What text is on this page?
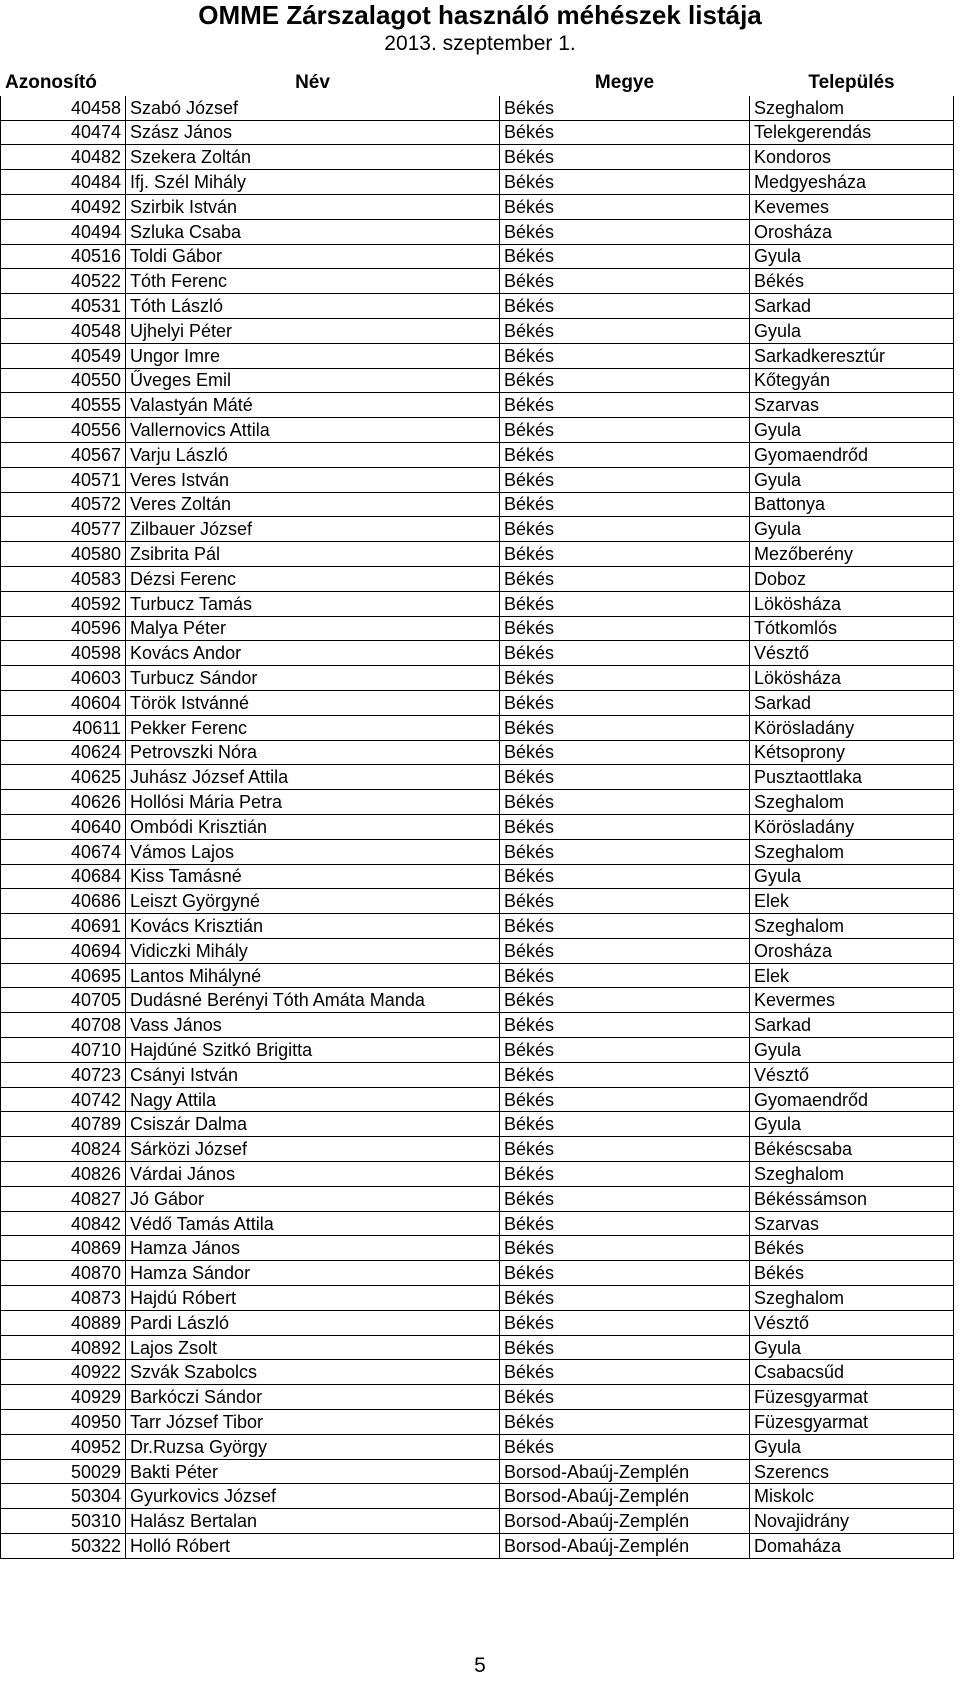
OMME Zárszalagot használó méhészek listája
2013. szeptember 1.
Azonosító	Név	Megye	Település
40458	Szabó József	Békés	Szeghalom
40474	Szász János	Békés	Telekgerendás
40482	Szekera Zoltán	Békés	Kondoros
40484	Ifj. Szél Mihály	Békés	Medgyesháza
40492	Szirbik István	Békés	Kevemes
40494	Szluka Csaba	Békés	Orosháza
40516	Toldi Gábor	Békés	Gyula
40522	Tóth Ferenc	Békés	Békés
40531	Tóth László	Békés	Sarkad
40548	Ujhelyi Péter	Békés	Gyula
40549	Ungor Imre	Békés	Sarkadkeresztúr
40550	Űveges Emil	Békés	Kőtegyán
40555	Valastyán Máté	Békés	Szarvas
40556	Vallernovics Attila	Békés	Gyula
40567	Varju László	Békés	Gyomaendrőd
40571	Veres István	Békés	Gyula
40572	Veres Zoltán	Békés	Battonya
40577	Zilbauer József	Békés	Gyula
40580	Zsibrita Pál	Békés	Mezőberény
40583	Dézsi Ferenc	Békés	Doboz
40592	Turbucz Tamás	Békés	Lökösháza
40596	Malya Péter	Békés	Tótkomlós
40598	Kovács Andor	Békés	Vésztő
40603	Turbucz Sándor	Békés	Lökösháza
40604	Török Istvánné	Békés	Sarkad
40611	Pekker Ferenc	Békés	Körösladány
40624	Petrovszki Nóra	Békés	Kétsoprony
40625	Juhász József Attila	Békés	Pusztaottlaka
40626	Hollósi Mária Petra	Békés	Szeghalom
40640	Ombódi Krisztián	Békés	Körösladány
40674	Vámos Lajos	Békés	Szeghalom
40684	Kiss Tamásné	Békés	Gyula
40686	Leiszt Györgyné	Békés	Elek
40691	Kovács Krisztián	Békés	Szeghalom
40694	Vidiczki Mihály	Békés	Orosháza
40695	Lantos Mihályné	Békés	Elek
40705	Dudásné Berényi Tóth Amáta Manda	Békés	Kevermes
40708	Vass János	Békés	Sarkad
40710	Hajdúné Szitkó Brigitta	Békés	Gyula
40723	Csányi István	Békés	Vésztő
40742	Nagy Attila	Békés	Gyomaendrőd
40789	Csiszár Dalma	Békés	Gyula
40824	Sárközi József	Békés	Békéscsaba
40826	Várdai János	Békés	Szeghalom
40827	Jó Gábor	Békés	Békéssámson
40842	Védő Tamás Attila	Békés	Szarvas
40869	Hamza János	Békés	Békés
40870	Hamza Sándor	Békés	Békés
40873	Hajdú Róbert	Békés	Szeghalom
40889	Pardi László	Békés	Vésztő
40892	Lajos Zsolt	Békés	Gyula
40922	Szvák Szabolcs	Békés	Csabacsűd
40929	Barkóczi Sándor	Békés	Füzesgyarmat
40950	Tarr József Tibor	Békés	Füzesgyarmat
40952	Dr.Ruzsa György	Békés	Gyula
50029	Bakti Péter	Borsod-Abaúj-Zemplén	Szerencs
50304	Gyurkovics József	Borsod-Abaúj-Zemplén	Miskolc
50310	Halász Bertalan	Borsod-Abaúj-Zemplén	Novajidrány
50322	Holló Róbert	Borsod-Abaúj-Zemplén	Domaháza
5
